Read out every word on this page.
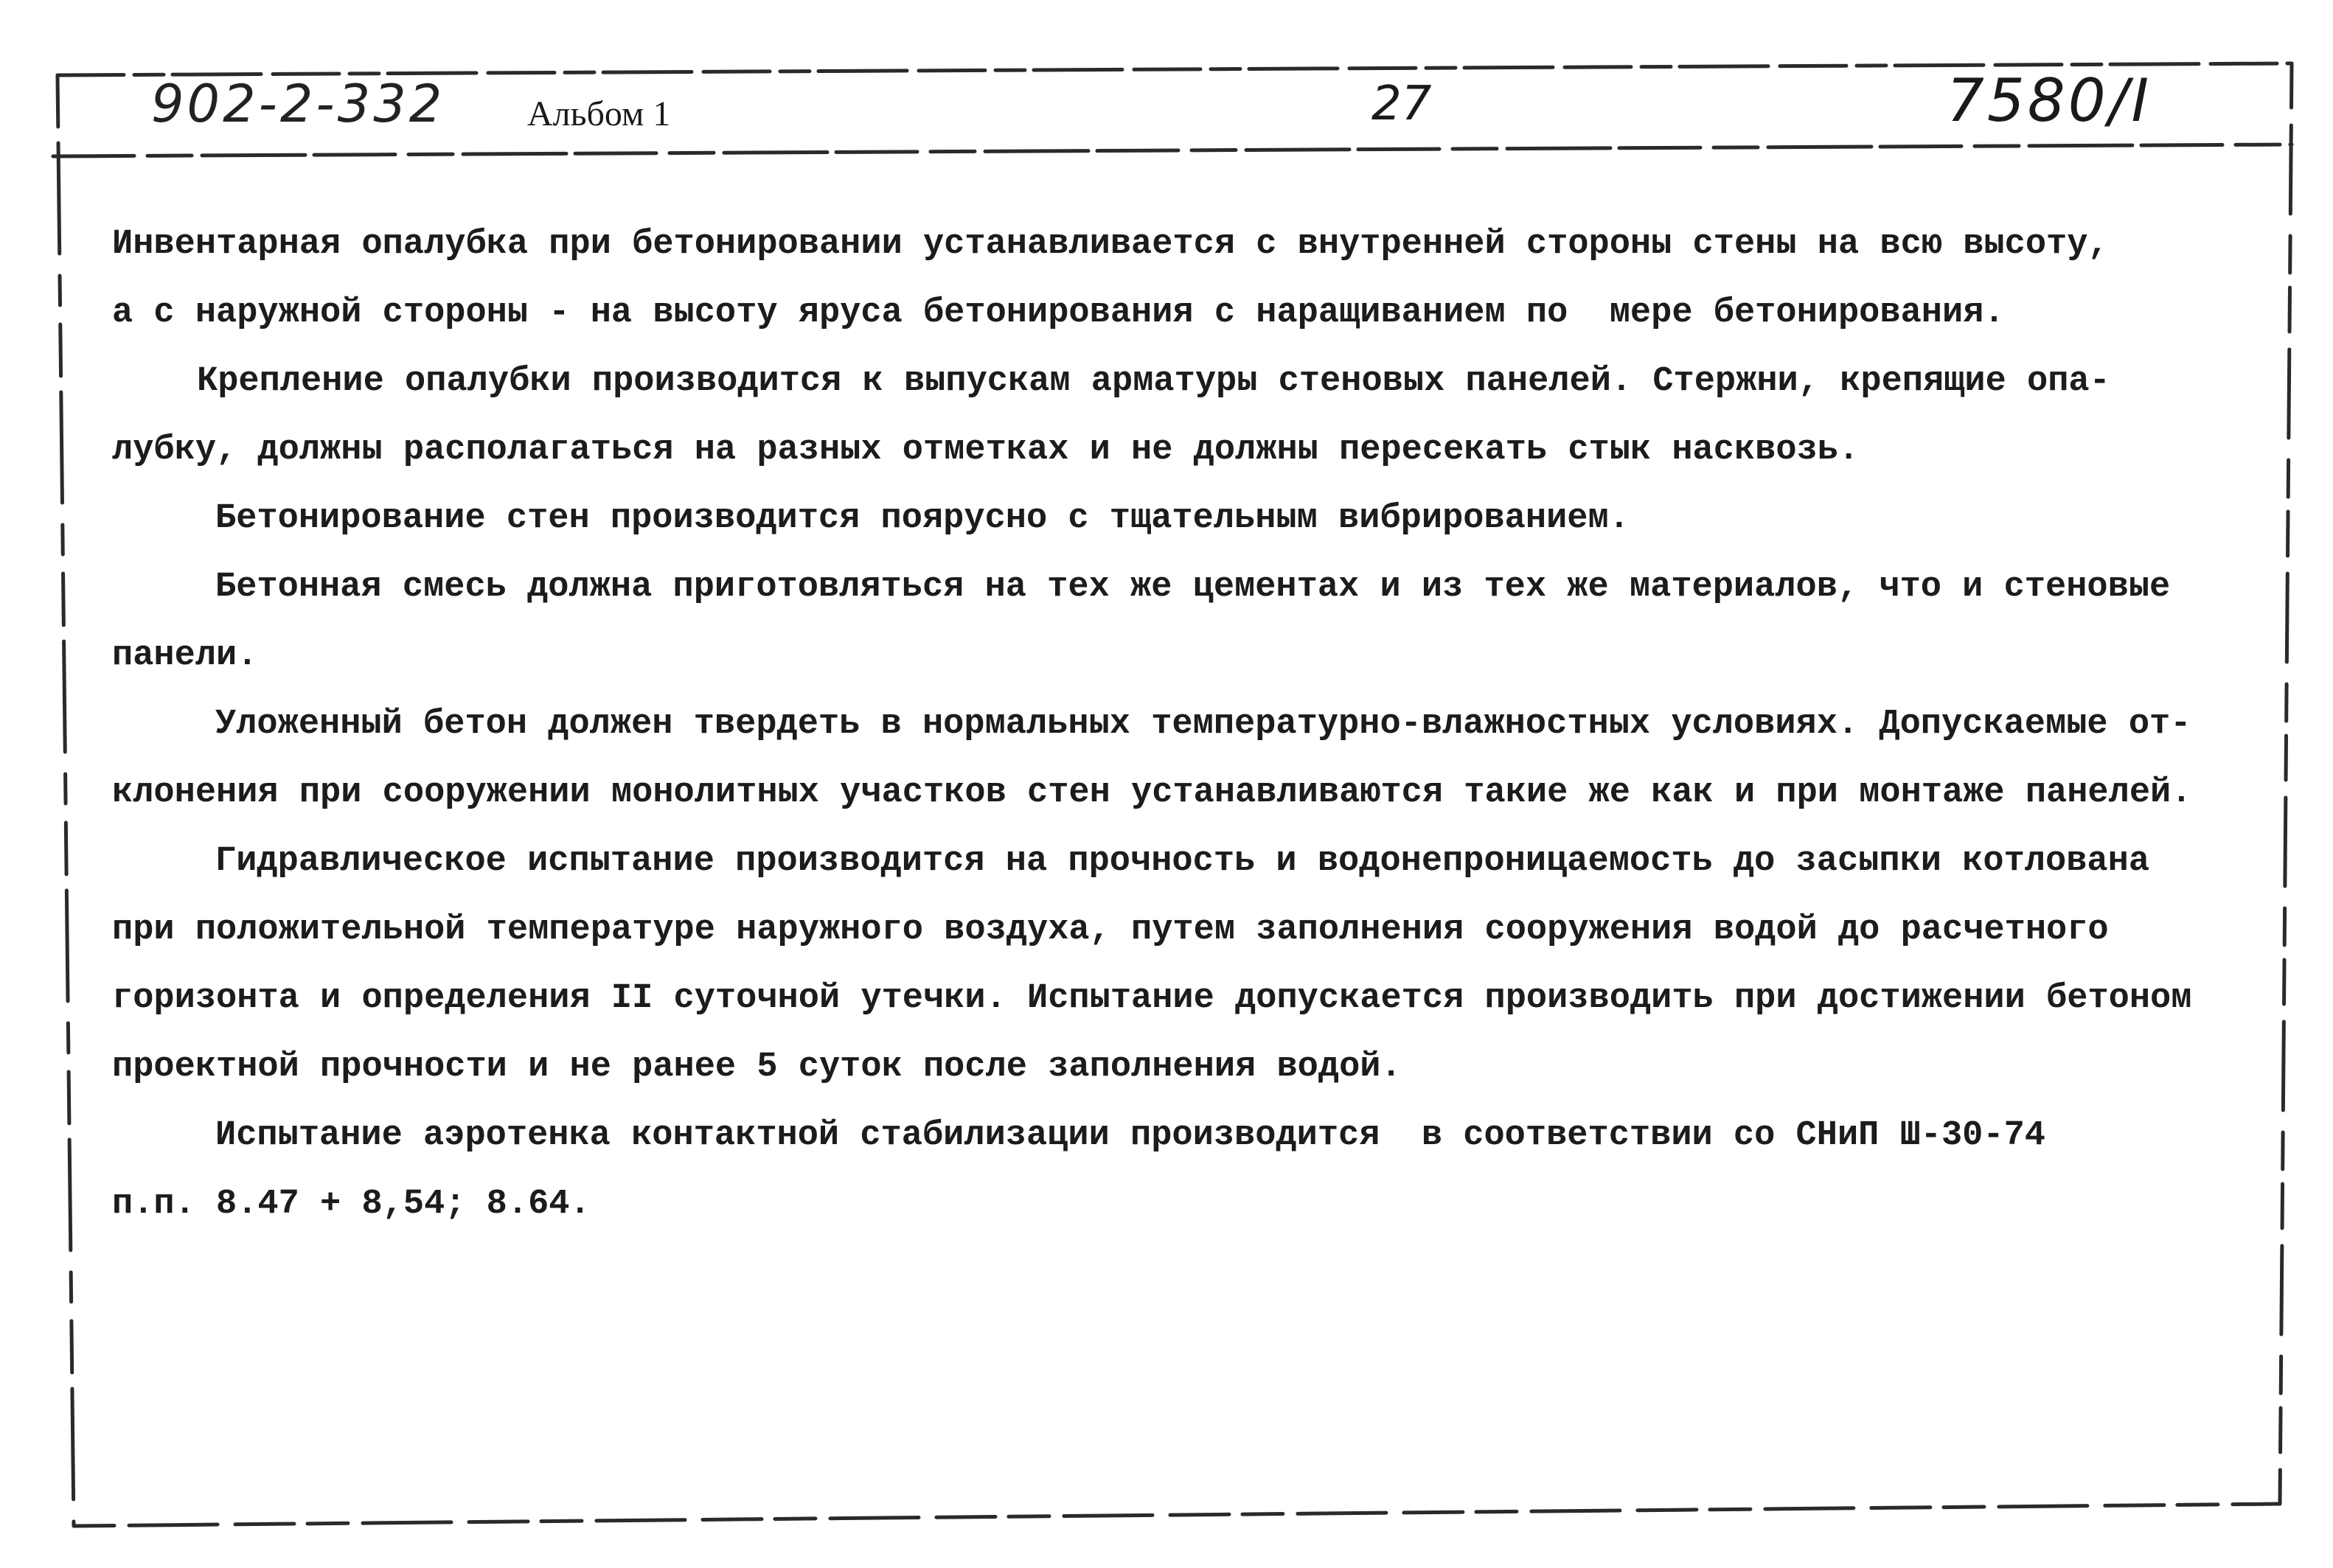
902-2-332 Альбом 1	27	7580/I
Инвентарная опалубка при бетонировании устанавливается с внутренней стороны стены на всю высоту,
а с наружной стороны - на высоту яруса бетонирования с наращиванием по  мере бетонирования.
Крепление опалубки производится к выпускам арматуры стеновых панелей. Стержни, крепящие опа-
лубку, должны располагаться на разных отметках и не должны пересекать стык насквозь.
Бетонирование стен производится поярусно с тщательным вибрированием.
Бетонная смесь должна приготовляться на тех же цементах и из тех же материалов, что и стеновые
панели.
Уложенный бетон должен твердеть в нормальных температурно-влажностных условиях. Допускаемые от-
клонения при сооружении монолитных участков стен устанавливаются такие же как и при монтаже панелей.
Гидравлическое испытание производится на прочность и водонепроницаемость до засыпки котлована
при положительной температуре наружного воздуха, путем заполнения сооружения водой до расчетного
горизонта и определения II суточной утечки. Испытание допускается производить при достижении бетоном
проектной прочности и не ранее 5 суток после заполнения водой.
Испытание аэротенка контактной стабилизации производится  в соответствии со СНиП Ш-30-74
п.п. 8.47 + 8,54; 8.64.
